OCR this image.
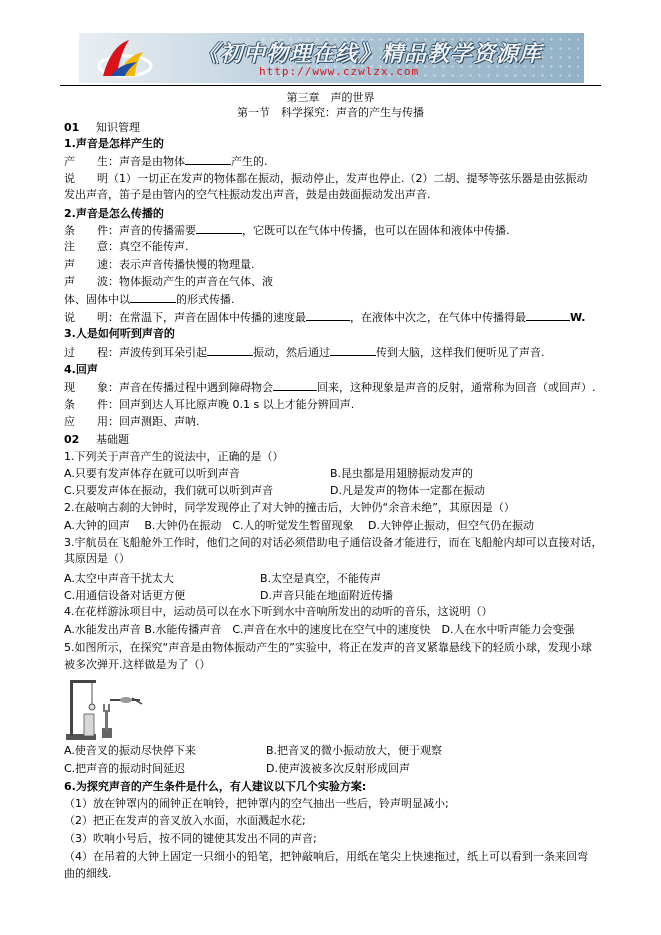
《初中物理在线》精品教学资源库
http://www.czwlzx.com
第三章　声的世界
第一节　科学探究：声音的产生与传播
01 知识管理
1.声音是怎样产生的
产　　生：声音是由物体	产生的.
说　　明（1）一切正在发声的物体都在振动，振动停止，发声也停止.（2）二胡、提琴等弦乐器是由弦振动
发出声音，笛子是由管内的空气柱振动发出声音，鼓是由鼓面振动发出声音.
2.声音是怎么传播的
条　　件：声音的传播需要	，它既可以在气体中传播，也可以在固体和液体中传播.
注　　意：真空不能传声.
声　　速：表示声音传播快慢的物理量.
声　　波：物体振动产生的声音在气体、液
体、固体中以	的形式传播.
说　　明：在常温下，声音在固体中传播的速度最	，在液体中次之，在气体中传播得最	W.
3.人是如何听到声音的
过　　程：声波传到耳朵引起	振动，然后通过	传到大脑，这样我们便听见了声音.
4.回声
现　　象：声音在传播过程中遇到障碍物会	回来，这种现象是声音的反射，通常称为回音（或回声）.
条　　件：回声到达人耳比原声晚 0.1 s 以上才能分辨回声.
应　　用：回声测距、声呐.
02 基础题
1.下列关于声音产生的说法中，正确的是（）
A.只要有发声体存在就可以听到声音	B.昆虫都是用翅膀振动发声的
C.只要发声体在振动，我们就可以听到声音	D.凡是发声的物体一定都在振动
2.在敲响古刹的大钟时，同学发现停止了对大钟的撞击后，大钟仍“余音未绝”，其原因是（）
A.大钟的回声　 B.大钟仍在振动　C.人的听觉发生暂留现象　 D.大钟停止振动，但空气仍在振动
3.宇航员在飞船舱外工作时，他们之间的对话必须借助电子通信设备才能进行，而在飞船舱内却可以直接对话，
其原因是（）
A.太空中声音干扰太大	B.太空是真空，不能传声
C.用通信设备对话更方便	D.声音只能在地面附近传播
4.在花样游泳项目中，运动员可以在水下听到水中音响所发出的动听的音乐，这说明（）
A.水能发出声音 B.水能传播声音　C.声音在水中的速度比在空气中的速度快　D.人在水中听声能力会变强
5.如图所示，在探究“声音是由物体振动产生的”实验中，将正在发声的音叉紧靠悬线下的轻质小球，发现小球
被多次弹开.这样做是为了（）
A.使音叉的振动尽快停下来	B.把音叉的微小振动放大，便于观察
C.把声音的振动时间延迟	D.使声波被多次反射形成回声
6.为探究声音的产生条件是什么，有人建议以下几个实验方案:
（1）放在钟罩内的闹钟正在响铃，把钟罩内的空气抽出一些后，铃声明显减小;
（2）把正在发声的音叉放入水面，水面溅起水花;
（3）吹响小号后，按不同的键使其发出不同的声音;
（4）在吊着的大钟上固定一只细小的铅笔，把钟敲响后，用纸在笔尖上快速拖过，纸上可以看到一条来回弯
曲的细线.
